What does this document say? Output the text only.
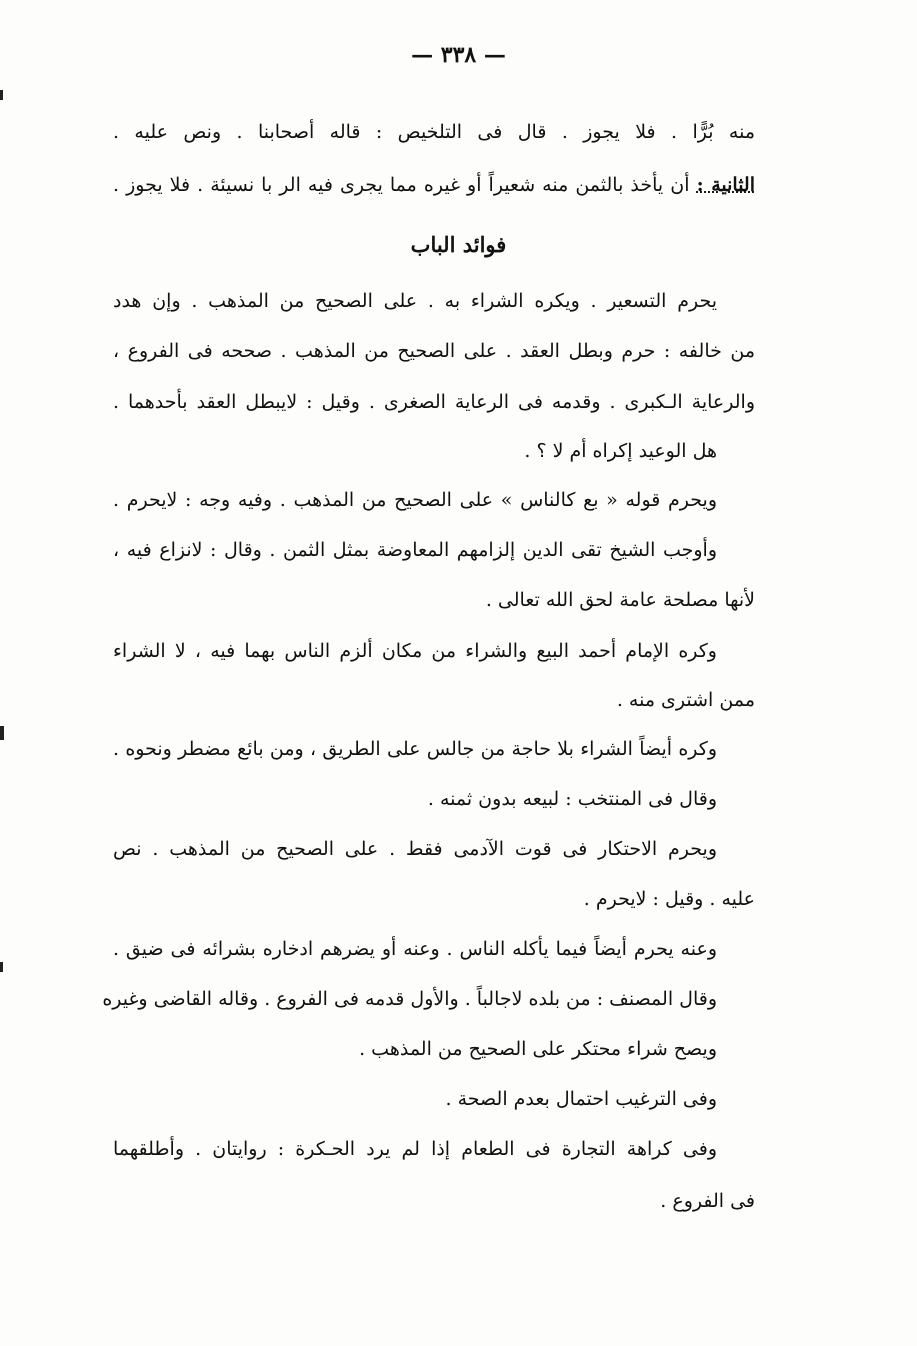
— ٣٣٨ —
منه بُرًّا . فلا يجوز . قال فى التلخيص : قاله أصحابنا . ونص عليه .
الثانية : أن يأخذ بالثمن منه شعيراً أو غيره مما يجرى فيه الر با نسيئة . فلا يجوز .
فوائد الباب
يحرم التسعير . ويكره الشراء به . على الصحيح من المذهب . وإن هدد
من خالفه : حرم وبطل العقد . على الصحيح من المذهب . صححه فى الفروع ،
والرعاية الـكبرى . وقدمه فى الرعاية الصغرى . وقيل : لايبطل العقد بأحدهما .
هل الوعيد إكراه أم لا ؟ .
ويحرم قوله « بع كالناس » على الصحيح من المذهب . وفيه وجه : لايحرم .
وأوجب الشيخ تقى الدين إلزامهم المعاوضة بمثل الثمن . وقال : لانزاع فيه ،
لأنها مصلحة عامة لحق الله تعالى .
وكره الإمام أحمد البيع والشراء من مكان ألزم الناس بهما فيه ، لا الشراء
ممن اشترى منه .
وكره أيضاً الشراء بلا حاجة من جالس على الطريق ، ومن بائع مضطر ونحوه .
وقال فى المنتخب : لبيعه بدون ثمنه .
ويحرم الاحتكار فى قوت الآدمى فقط . على الصحيح من المذهب . نص
عليه . وقيل : لايحرم .
وعنه يحرم أيضاً فيما يأكله الناس . وعنه أو يضرهم ادخاره بشرائه فى ضيق .
وقال المصنف : من بلده لاجالباً . والأول قدمه فى الفروع . وقاله القاضى وغيره
ويصح شراء محتكر على الصحيح من المذهب .
وفى الترغيب احتمال بعدم الصحة .
وفى كراهة التجارة فى الطعام إذا لم يرد الحـكرة : روايتان . وأطلقهما
فى الفروع .
